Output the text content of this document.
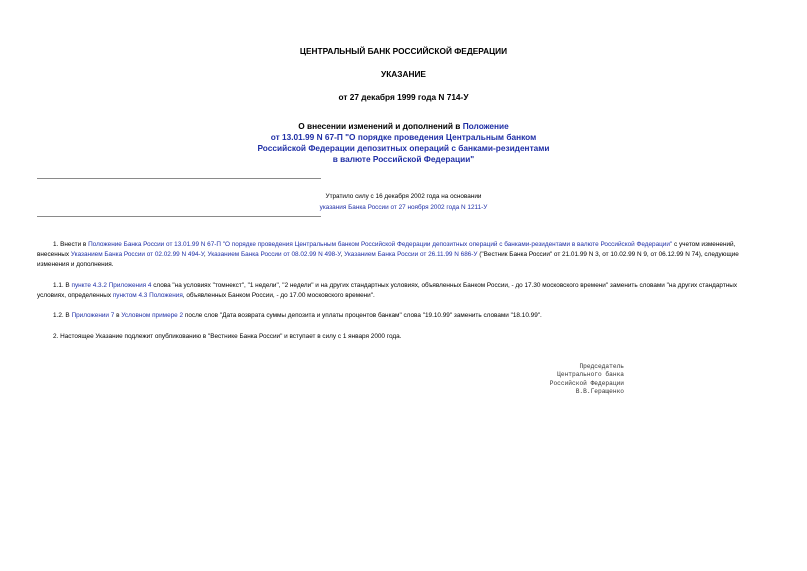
ЦЕНТРАЛЬНЫЙ БАНК РОССИЙСКОЙ ФЕДЕРАЦИИ
УКАЗАНИЕ
от 27 декабря 1999 года N 714-У
О внесении изменений и дополнений в Положение
от 13.01.99 N 67-П "О порядке проведения Центральным банком
Российской Федерации депозитных операций с банками-резидентами
в валюте Российской Федерации"
Утратило силу с 16 декабря 2002 года на основании
указания Банка России от 27 ноября 2002 года N 1211-У
1. Внести в Положение Банка России от 13.01.99 N 67-П "О порядке проведения Центральным банком Российской Федерации депозитных операций с банками-резидентами в валюте Российской Федерации" с учетом изменений, внесенных Указанием Банка России от 02.02.99 N 494-У, Указанием Банка России от 08.02.99 N 498-У, Указанием Банка России от 26.11.99 N 686-У ("Вестник Банка России" от 21.01.99 N 3, от 10.02.99 N 9, от 06.12.99 N 74), следующие изменения и дополнения.
1.1. В пункте 4.3.2 Приложения 4 слова "на условиях "томнекст", "1 недели", "2 недели" и на других стандартных условиях, объявленных Банком России, - до 17.30 московского времени" заменить словами "на других стандартных условиях, определенных пунктом 4.3 Положения, объявленных Банком России, - до 17.00 московского времени".
1.2. В Приложении 7 в Условном примере 2 после слов "Дата возврата суммы депозита и уплаты процентов банкам" слова "19.10.99" заменить словами "18.10.99".
2. Настоящее Указание подлежит опубликованию в "Вестнике Банка России" и вступает в силу с 1 января 2000 года.
Председатель
Центрального банка
Российской Федерации
В.В.Геращенко
